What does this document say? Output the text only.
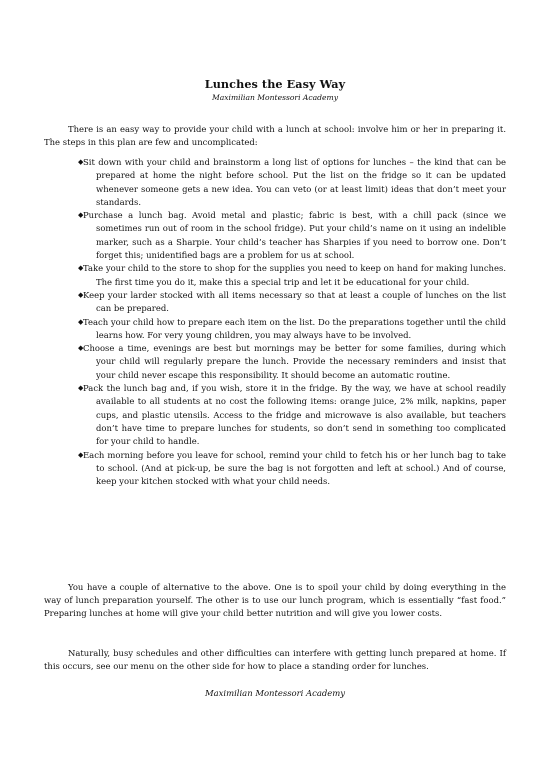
Lunches the Easy Way
Maximilian Montessori Academy

There is an easy way to provide your child with a lunch at school: involve him or her in preparing it. The steps in this plan are few and uncomplicated:

◆Sit down with your child and brainstorm a long list of options for lunches – the kind that can be prepared at home the night before school. Put the list on the fridge so it can be updated whenever someone gets a new idea. You can veto (or at least limit) ideas that don’t meet your standards.
◆Purchase a lunch bag. Avoid metal and plastic; fabric is best, with a chill pack (since we sometimes run out of room in the school fridge). Put your child’s name on it using an indelible marker, such as a Sharpie. Your child’s teacher has Sharpies if you need to borrow one. Don’t forget this; unidentified bags are a problem for us at school.
◆Take your child to the store to shop for the supplies you need to keep on hand for making lunches. The first time you do it, make this a special trip and let it be educational for your child.
◆Keep your larder stocked with all items necessary so that at least a couple of lunches on the list can be prepared.
◆Teach your child how to prepare each item on the list. Do the preparations together until the child learns how. For very young children, you may always have to be involved.
◆Choose a time, evenings are best but mornings may be better for some families, during which your child will regularly prepare the lunch. Provide the necessary reminders and insist that your child never escape this responsibility. It should become an automatic routine.
◆Pack the lunch bag and, if you wish, store it in the fridge. By the way, we have at school readily available to all students at no cost the following items: orange juice, 2% milk, napkins, paper cups, and plastic utensils. Access to the fridge and microwave is also available, but teachers don’t have time to prepare lunches for students, so don’t send in something too complicated for your child to handle.
◆Each morning before you leave for school, remind your child to fetch his or her lunch bag to take to school. (And at pick-up, be sure the bag is not forgotten and left at school.) And of course, keep your kitchen stocked with what your child needs.

You have a couple of alternative to the above. One is to spoil your child by doing everything in the way of lunch preparation yourself. The other is to use our lunch program, which is essentially “fast food.” Preparing lunches at home will give your child better nutrition and will give you lower costs.

Naturally, busy schedules and other difficulties can interfere with getting lunch prepared at home. If this occurs, see our menu on the other side for how to place a standing order for lunches.

Maximilian Montessori Academy
